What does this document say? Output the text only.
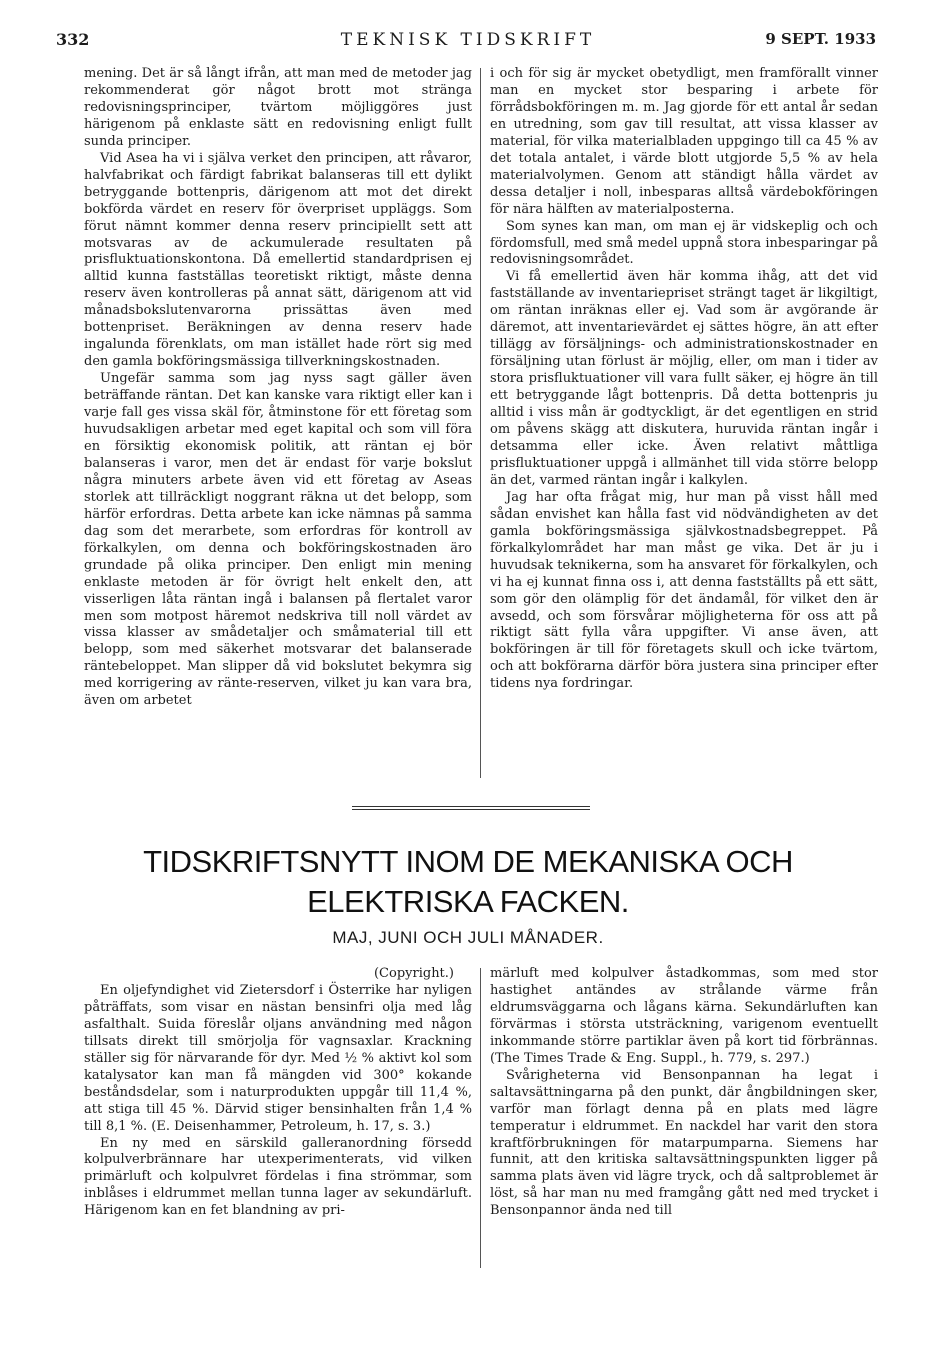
332	TEKNISK TIDSKRIFT	9 SEPT. 1933

mening. Det är så långt ifrån, att man med de metoder jag rekommenderat gör något brott mot stränga redovisningsprinciper, tvärtom möjliggöres just härigenom på enklaste sätt en redovisning enligt fullt sunda principer.

Vid Asea ha vi i själva verket den principen, att råvaror, halvfabrikat och färdigt fabrikat balanseras till ett dylikt betryggande bottenpris, därigenom att mot det direkt bokförda värdet en reserv för överpriset uppläggs. Som förut nämnt kommer denna reserv principiellt sett att motsvaras av de ackumulerade resultaten på prisfluktuationskontona. Då emellertid standardprisen ej alltid kunna fastställas teoretiskt riktigt, måste denna reserv även kontrolleras på annat sätt, därigenom att vid månadsbokslutenvarorna prissättas även med bottenpriset. Beräkningen av denna reserv hade ingalunda förenklats, om man istället hade rört sig med den gamla bokföringsmässiga tillverkningskostnaden.

Ungefär samma som jag nyss sagt gäller även beträffande räntan. Det kan kanske vara riktigt eller kan i varje fall ges vissa skäl för, åtminstone för ett företag som huvudsakligen arbetar med eget kapital och som vill föra en försiktig ekonomisk politik, att räntan ej bör balanseras i varor, men det är endast för varje bokslut några minuters arbete även vid ett företag av Aseas storlek att tillräckligt noggrant räkna ut det belopp, som härför erfordras. Detta arbete kan icke nämnas på samma dag som det merarbete, som erfordras för kontroll av förkalkylen, om denna och bokföringskostnaden äro grundade på olika principer. Den enligt min mening enklaste metoden är för övrigt helt enkelt den, att visserligen låta räntan ingå i balansen på flertalet varor men som motpost häremot nedskriva till noll värdet av vissa klasser av smådetaljer och småmaterial till ett belopp, som med säkerhet motsvarar det balanserade räntebeloppet. Man slipper då vid bokslutet bekymra sig med korrigering av ränte-reserven, vilket ju kan vara bra, även om arbetet

i och för sig är mycket obetydligt, men framförallt vinner man en mycket stor besparing i arbete för förrådsbokföringen m. m. Jag gjorde för ett antal år sedan en utredning, som gav till resultat, att vissa klasser av material, för vilka materialbladen uppgingo till ca 45 % av det totala antalet, i värde blott utgjorde 5,5 % av hela materialvolymen. Genom att ständigt hålla värdet av dessa detaljer i noll, inbesparas alltså värdebokföringen för nära hälften av materialposterna.

Som synes kan man, om man ej är vidskeplig och och fördomsfull, med små medel uppnå stora inbesparingar på redovisningsområdet.

Vi få emellertid även här komma ihåg, att det vid fastställande av inventariepriset strängt taget är likgiltigt, om räntan inräknas eller ej. Vad som är avgörande är däremot, att inventarievärdet ej sättes högre, än att efter tillägg av försäljnings- och administrationskostnader en försäljning utan förlust är möjlig, eller, om man i tider av stora prisfluktuationer vill vara fullt säker, ej högre än till ett betryggande lågt bottenpris. Då detta bottenpris ju alltid i viss mån är godtyckligt, är det egentligen en strid om påvens skägg att diskutera, huruvida räntan ingår i detsamma eller icke. Även relativt måttliga prisfluktuationer uppgå i allmänhet till vida större belopp än det, varmed räntan ingår i kalkylen.

Jag har ofta frågat mig, hur man på visst håll med sådan envishet kan hålla fast vid nödvändigheten av det gamla bokföringsmässiga självkostnadsbegreppet. På förkalkylområdet har man måst ge vika. Det är ju i huvudsak teknikerna, som ha ansvaret för förkalkylen, och vi ha ej kunnat finna oss i, att denna fastställts på ett sätt, som gör den olämplig för det ändamål, för vilket den är avsedd, och som försvårar möjligheterna för oss att på riktigt sätt fylla våra uppgifter. Vi anse även, att bokföringen är till för företagets skull och icke tvärtom, och att bokförarna därför böra justera sina principer efter tidens nya fordringar.

TIDSKRIFTSNYTT INOM DE MEKANISKA OCH
ELEKTRISKA FACKEN.
MAJ, JUNI OCH JULI MÅNADER.
(Copyright.)

En oljefyndighet vid Zietersdorf i Österrike har nyligen påträffats, som visar en nästan bensinfri olja med låg asfalthalt. Suida föreslår oljans användning med någon tillsats direkt till smörjolja för vagnsaxlar. Krackning ställer sig för närvarande för dyr. Med ½ % aktivt kol som katalysator kan man få mängden vid 300° kokande beståndsdelar, som i naturprodukten uppgår till 11,4 %, att stiga till 45 %. Därvid stiger bensinhalten från 1,4 % till 8,1 %. (E. Deisenhammer, Petroleum, h. 17, s. 3.)

En ny med en särskild galleranordning försedd kolpulverbrännare har utexperimenterats, vid vilken primärluft och kolpulvret fördelas i fina strömmar, som inblåses i eldrummet mellan tunna lager av sekundärluft. Härigenom kan en fet blandning av pri-

märluft med kolpulver åstadkommas, som med stor hastighet antändes av strålande värme från eldrumsväggarna och lågans kärna. Sekundärluften kan förvärmas i största utsträckning, varigenom eventuellt inkommande större partiklar även på kort tid förbrännas. (The Times Trade & Eng. Suppl., h. 779, s. 297.)

Svårigheterna vid Bensonpannan ha legat i saltavsättningarna på den punkt, där ångbildningen sker, varför man förlagt denna på en plats med lägre temperatur i eldrummet. En nackdel har varit den stora kraftförbrukningen för matarpumparna. Siemens har funnit, att den kritiska saltavsättningspunkten ligger på samma plats även vid lägre tryck, och då saltproblemet är löst, så har man nu med framgång gått ned med trycket i Bensonpannor ända ned till
